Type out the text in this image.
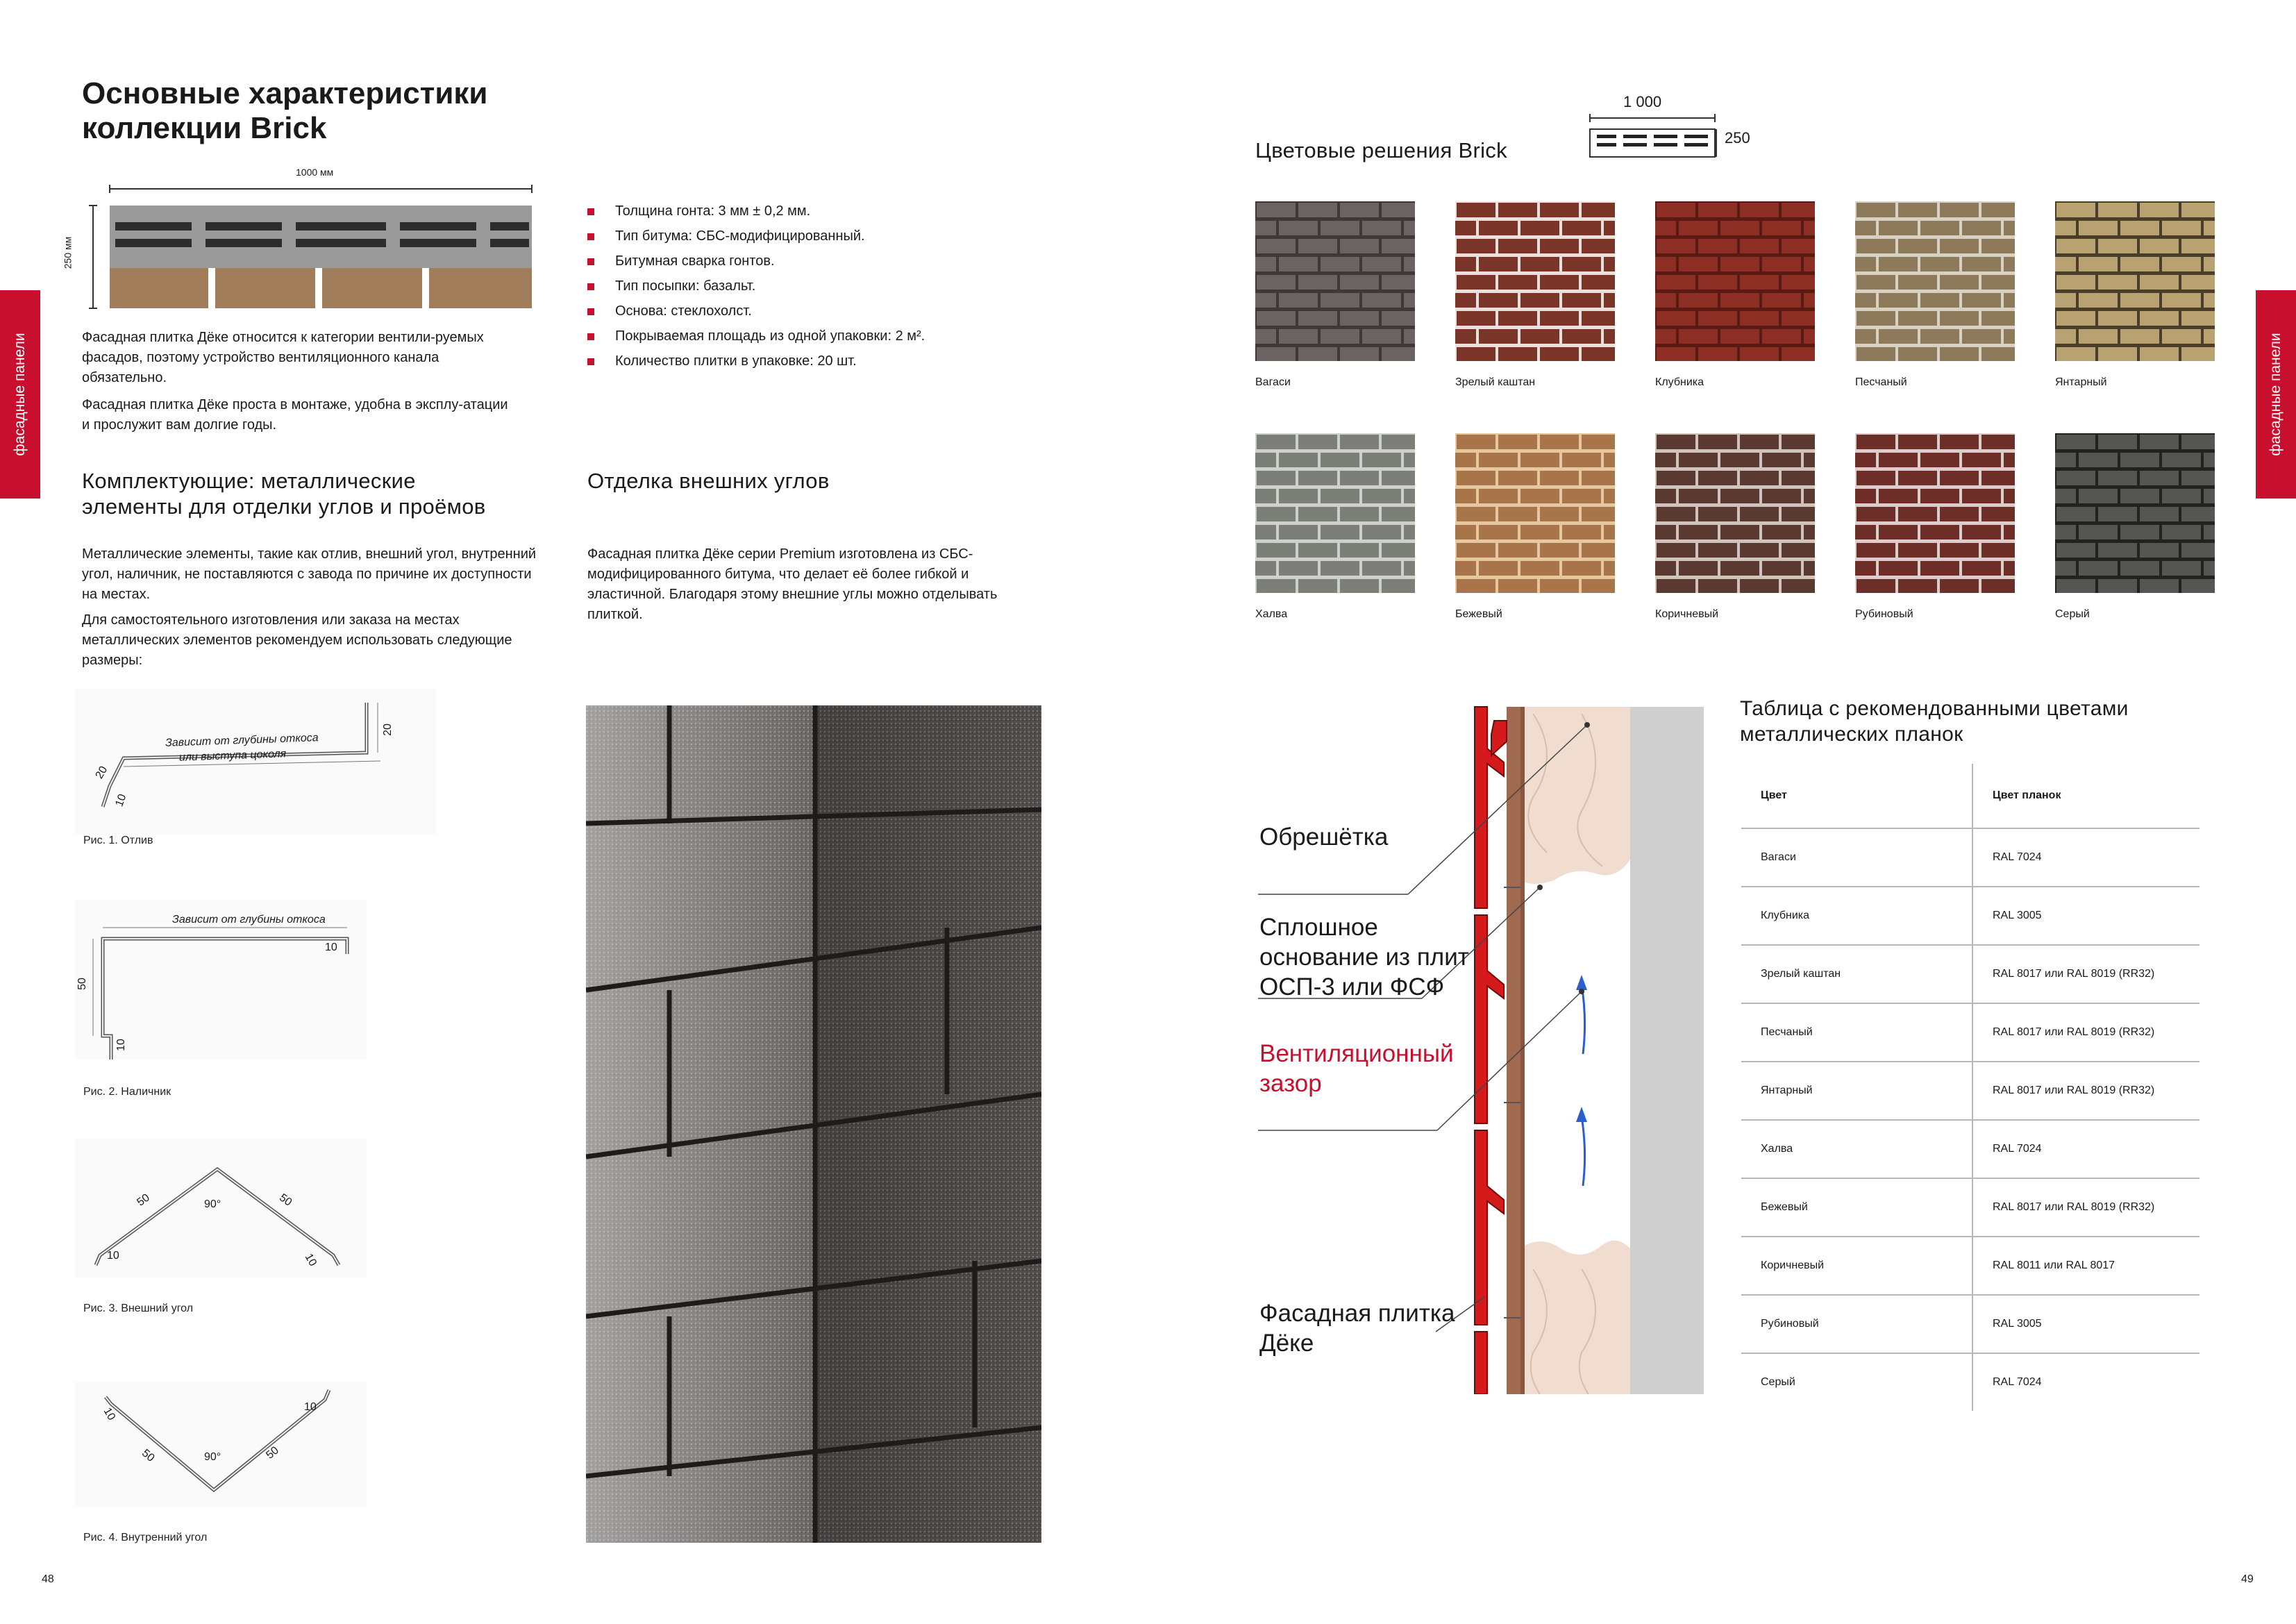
фасадные панели
Основные характеристики
коллекции Brick
1000 мм
250 мм

Фасадная плитка Дёке относится к категории вентили-руемых фасадов, поэтому устройство вентиляционного канала обязательно.

Фасадная плитка Дёке проста в монтаже, удобна в эксплу-атации и прослужит вам долгие годы.

Толщина гонта: 3 мм ± 0,2 мм.
Тип битума: СБС-модифицированный.
Битумная сварка гонтов.
Тип посыпки: базальт.
Основа: стеклохолст.
Покрываемая площадь из одной упаковки: 2 м².
Количество плитки в упаковке: 20 шт.
Комплектующие: металлические
элементы для отделки углов и проёмов

Металлические элементы, такие как отлив, внешний угол, внутренний угол, наличник, не поставляются с завода по причине их доступности на местах.

Для самостоятельного изготовления или заказа на местах металлических элементов рекомендуем использовать следующие размеры:

Отделка внешних углов
Фасадная плитка Дёке серии Premium изготовлена из СБС-модифицированного битума, что делает её более гибкой и эластичной. Благодаря этому внешние углы можно отделывать плиткой.
Зависит от глубины откоса
или выступа цоколя
20
20
10
Рис. 1. Отлив
Зависит от глубины откоса
10
50
10
Рис. 2. Наличник
50	90°	50
10	10
Рис. 3. Внешний угол
10
50	90°	50
10
Рис. 4. Внутренний угол
48
фасадные панели
Цветовые решения Brick
1 000
250
Вагаси	Зрелый каштан	Клубника	Песчаный	Янтарный
Халва	Бежевый	Коричневый	Рубиновый	Серый
Обрешётка
Сплошное
основание из плит
ОСП-3 или ФСФ
Вентиляционный
зазор
Фасадная плитка
Дёке
Таблица с рекомендованными цветами
металлических планок
Цвет	Цвет планок
Вагаси	RAL 7024
Клубника	RAL 3005
Зрелый каштан	RAL 8017 или RAL 8019 (RR32)
Песчаный	RAL 8017 или RAL 8019 (RR32)
Янтарный	RAL 8017 или RAL 8019 (RR32)
Халва	RAL 7024
Бежевый	RAL 8017 или RAL 8019 (RR32)
Коричневый	RAL 8011 или RAL 8017
Рубиновый	RAL 3005
Серый	RAL 7024
49
